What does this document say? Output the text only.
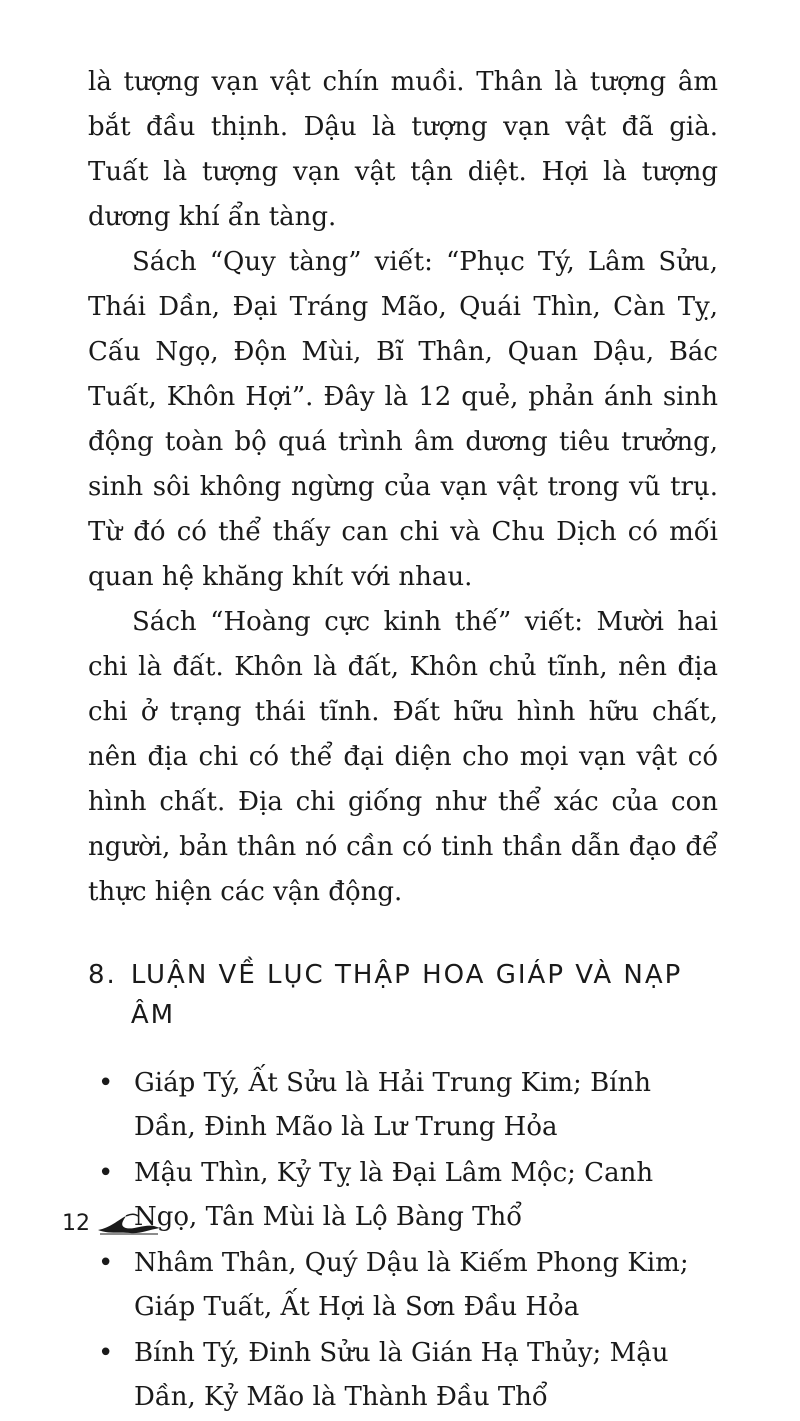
là tượng vạn vật chín muồi. Thân là tượng âm bắt đầu thịnh. Dậu là tượng vạn vật đã già. Tuất là tượng vạn vật tận diệt. Hợi là tượng dương khí ẩn tàng.

Sách “Quy tàng” viết: “Phục Tý, Lâm Sửu, Thái Dần, Đại Tráng Mão, Quái Thìn, Càn Tỵ, Cấu Ngọ, Độn Mùi, Bĩ Thân, Quan Dậu, Bác Tuất, Khôn Hợi”. Đây là 12 quẻ, phản ánh sinh động toàn bộ quá trình âm dương tiêu trưởng, sinh sôi không ngừng của vạn vật trong vũ trụ. Từ đó có thể thấy can chi và Chu Dịch có mối quan hệ khăng khít với nhau.

Sách “Hoàng cực kinh thế” viết: Mười hai chi là đất. Khôn là đất, Khôn chủ tĩnh, nên địa chi ở trạng thái tĩnh. Đất hữu hình hữu chất, nên địa chi có thể đại diện cho mọi vạn vật có hình chất. Địa chi giống như thể xác của con người, bản thân nó cần có tinh thần dẫn đạo để thực hiện các vận động.

8. LUẬN VỀ LỤC THẬP HOA GIÁP VÀ NẠP ÂM
• Giáp Tý, Ất Sửu là Hải Trung Kim; Bính Dần, Đinh Mão là Lư Trung Hỏa
• Mậu Thìn, Kỷ Tỵ là Đại Lâm Mộc; Canh Ngọ, Tân Mùi là Lộ Bàng Thổ
• Nhâm Thân, Quý Dậu là Kiếm Phong Kim; Giáp Tuất, Ất Hợi là Sơn Đầu Hỏa
• Bính Tý, Đinh Sửu là Gián Hạ Thủy; Mậu Dần, Kỷ Mão là Thành Đầu Thổ
12
